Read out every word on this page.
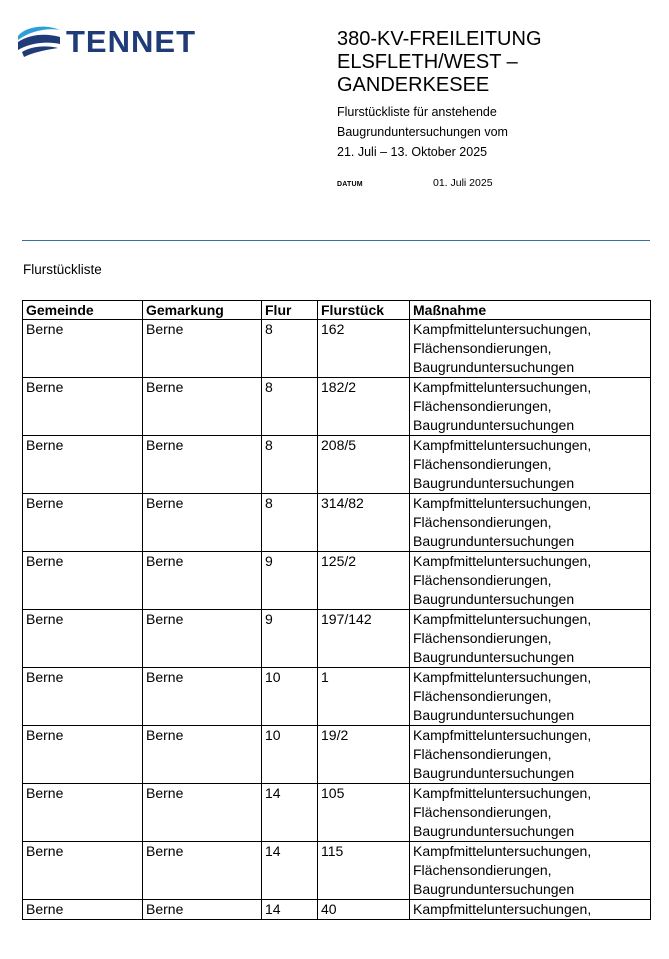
TENNET	380-KV-FREILEITUNG ELSFLETH/WEST – GANDERKESEE
Flurstückliste für anstehende
Baugrunduntersuchungen vom
21. Juli – 13. Oktober 2025
DATUM	01. Juli 2025
Flurstückliste
Gemeinde	Gemarkung	Flur	Flurstück	Maßnahme
Berne	Berne	8	162	Kampfmitteluntersuchungen,
Flächensondierungen,
Baugrunduntersuchungen
Berne	Berne	8	182/2	Kampfmitteluntersuchungen,
Flächensondierungen,
Baugrunduntersuchungen
Berne	Berne	8	208/5	Kampfmitteluntersuchungen,
Flächensondierungen,
Baugrunduntersuchungen
Berne	Berne	8	314/82	Kampfmitteluntersuchungen,
Flächensondierungen,
Baugrunduntersuchungen
Berne	Berne	9	125/2	Kampfmitteluntersuchungen,
Flächensondierungen,
Baugrunduntersuchungen
Berne	Berne	9	197/142	Kampfmitteluntersuchungen,
Flächensondierungen,
Baugrunduntersuchungen
Berne	Berne	10	1	Kampfmitteluntersuchungen,
Flächensondierungen,
Baugrunduntersuchungen
Berne	Berne	10	19/2	Kampfmitteluntersuchungen,
Flächensondierungen,
Baugrunduntersuchungen
Berne	Berne	14	105	Kampfmitteluntersuchungen,
Flächensondierungen,
Baugrunduntersuchungen
Berne	Berne	14	115	Kampfmitteluntersuchungen,
Flächensondierungen,
Baugrunduntersuchungen
Berne	Berne	14	40	Kampfmitteluntersuchungen,
